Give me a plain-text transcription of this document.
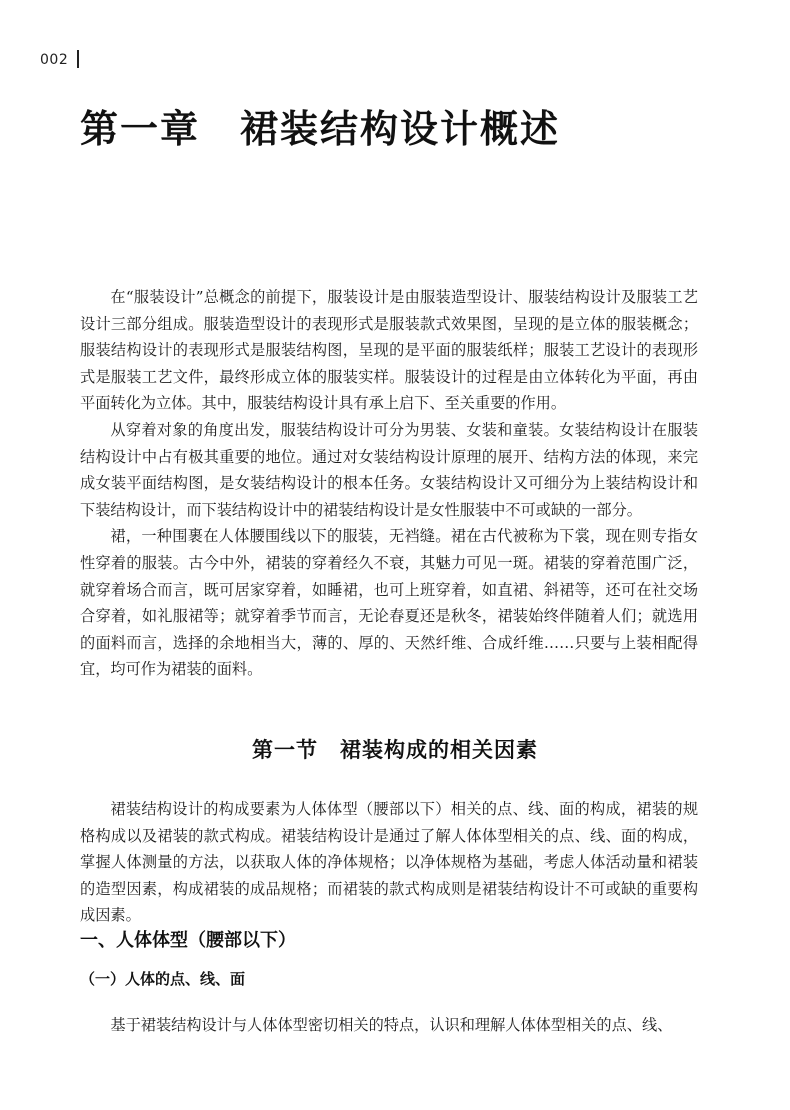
002
第一章　裙装结构设计概述

在“服装设计”总概念的前提下，服装设计是由服装造型设计、服装结构设计及服装工艺设计三部分组成。服装造型设计的表现形式是服装款式效果图，呈现的是立体的服装概念；服装结构设计的表现形式是服装结构图，呈现的是平面的服装纸样；服装工艺设计的表现形式是服装工艺文件，最终形成立体的服装实样。服装设计的过程是由立体转化为平面，再由平面转化为立体。其中，服装结构设计具有承上启下、至关重要的作用。

从穿着对象的角度出发，服装结构设计可分为男装、女装和童装。女装结构设计在服装结构设计中占有极其重要的地位。通过对女装结构设计原理的展开、结构方法的体现，来完成女装平面结构图，是女装结构设计的根本任务。女装结构设计又可细分为上装结构设计和下装结构设计，而下装结构设计中的裙装结构设计是女性服装中不可或缺的一部分。

裙，一种围裹在人体腰围线以下的服装，无裆缝。裙在古代被称为下裳，现在则专指女性穿着的服装。古今中外，裙装的穿着经久不衰，其魅力可见一斑。裙装的穿着范围广泛，就穿着场合而言，既可居家穿着，如睡裙，也可上班穿着，如直裙、斜裙等，还可在社交场合穿着，如礼服裙等；就穿着季节而言，无论春夏还是秋冬，裙装始终伴随着人们；就选用的面料而言，选择的余地相当大，薄的、厚的、天然纤维、合成纤维……只要与上装相配得宜，均可作为裙装的面料。

第一节　裙装构成的相关因素

裙装结构设计的构成要素为人体体型（腰部以下）相关的点、线、面的构成，裙装的规格构成以及裙装的款式构成。裙装结构设计是通过了解人体体型相关的点、线、面的构成，掌握人体测量的方法，以获取人体的净体规格；以净体规格为基础，考虑人体活动量和裙装的造型因素，构成裙装的成品规格；而裙装的款式构成则是裙装结构设计不可或缺的重要构成因素。

一、人体体型（腰部以下）
（一）人体的点、线、面

基于裙装结构设计与人体体型密切相关的特点，认识和理解人体体型相关的点、线、
